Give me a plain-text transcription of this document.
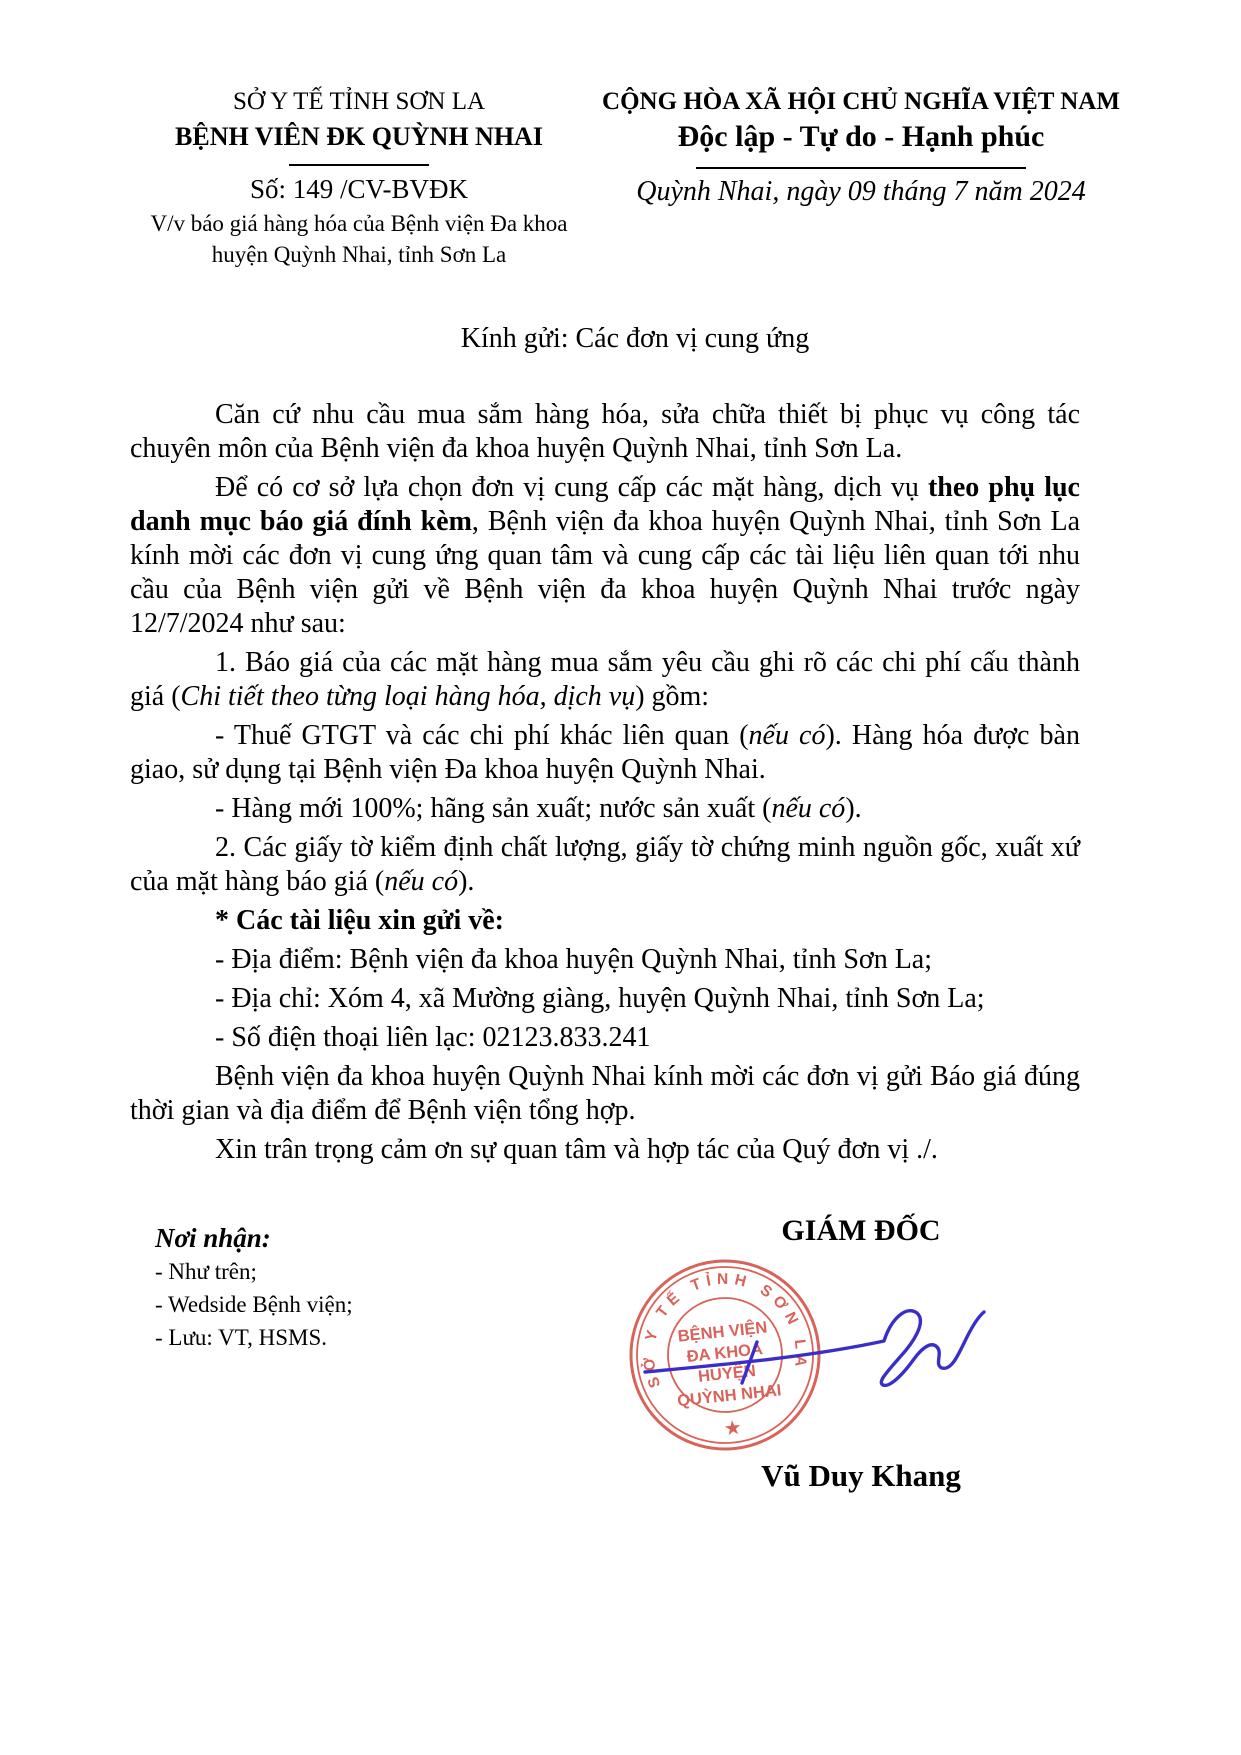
SỞ Y TẾ TỈNH SƠN LA
BỆNH VIÊN ĐK QUỲNH NHAI
Số: 149 /CV-BVĐK
V/v báo giá hàng hóa của Bệnh viện Đa khoa
huyện Quỳnh Nhai, tỉnh Sơn La
CỘNG HÒA XÃ HỘI CHỦ NGHĨA VIỆT NAM
Độc lập - Tự do - Hạnh phúc
Quỳnh Nhai, ngày 09 tháng 7 năm 2024
Kính gửi: Các đơn vị cung ứng

Căn cứ nhu cầu mua sắm hàng hóa, sửa chữa thiết bị phục vụ công tác chuyên môn của Bệnh viện đa khoa huyện Quỳnh Nhai, tỉnh Sơn La.

Để có cơ sở lựa chọn đơn vị cung cấp các mặt hàng, dịch vụ theo phụ lục danh mục báo giá đính kèm, Bệnh viện đa khoa huyện Quỳnh Nhai, tỉnh Sơn La kính mời các đơn vị cung ứng quan tâm và cung cấp các tài liệu liên quan tới nhu cầu của Bệnh viện gửi về Bệnh viện đa khoa huyện Quỳnh Nhai trước ngày 12/7/2024 như sau:

1. Báo giá của các mặt hàng mua sắm yêu cầu ghi rõ các chi phí cấu thành giá (Chi tiết theo từng loại hàng hóa, dịch vụ) gồm:

- Thuế GTGT và các chi phí khác liên quan (nếu có). Hàng hóa được bàn giao, sử dụng tại Bệnh viện Đa khoa huyện Quỳnh Nhai.

- Hàng mới 100%; hãng sản xuất; nước sản xuất (nếu có).

2. Các giấy tờ kiểm định chất lượng, giấy tờ chứng minh nguồn gốc, xuất xứ của mặt hàng báo giá (nếu có).

* Các tài liệu xin gửi về:

- Địa điểm: Bệnh viện đa khoa huyện Quỳnh Nhai, tỉnh Sơn La;

- Địa chỉ: Xóm 4, xã Mường giàng, huyện Quỳnh Nhai, tỉnh Sơn La;

- Số điện thoại liên lạc: 02123.833.241

Bệnh viện đa khoa huyện Quỳnh Nhai kính mời các đơn vị gửi Báo giá đúng thời gian và địa điểm để Bệnh viện tổng hợp.

Xin trân trọng cảm ơn sự quan tâm và hợp tác của Quý đơn vị ./.

Nơi nhận:
- Như trên;
- Wedside Bệnh viện;
- Lưu: VT, HSMS.
GIÁM ĐỐC
Vũ Duy Khang
SỞ Y TẾ TỈNH SƠN LA
BỆNH VIỆN
ĐA KHOA
HUYỆN
QUỲNH NHAI
★
